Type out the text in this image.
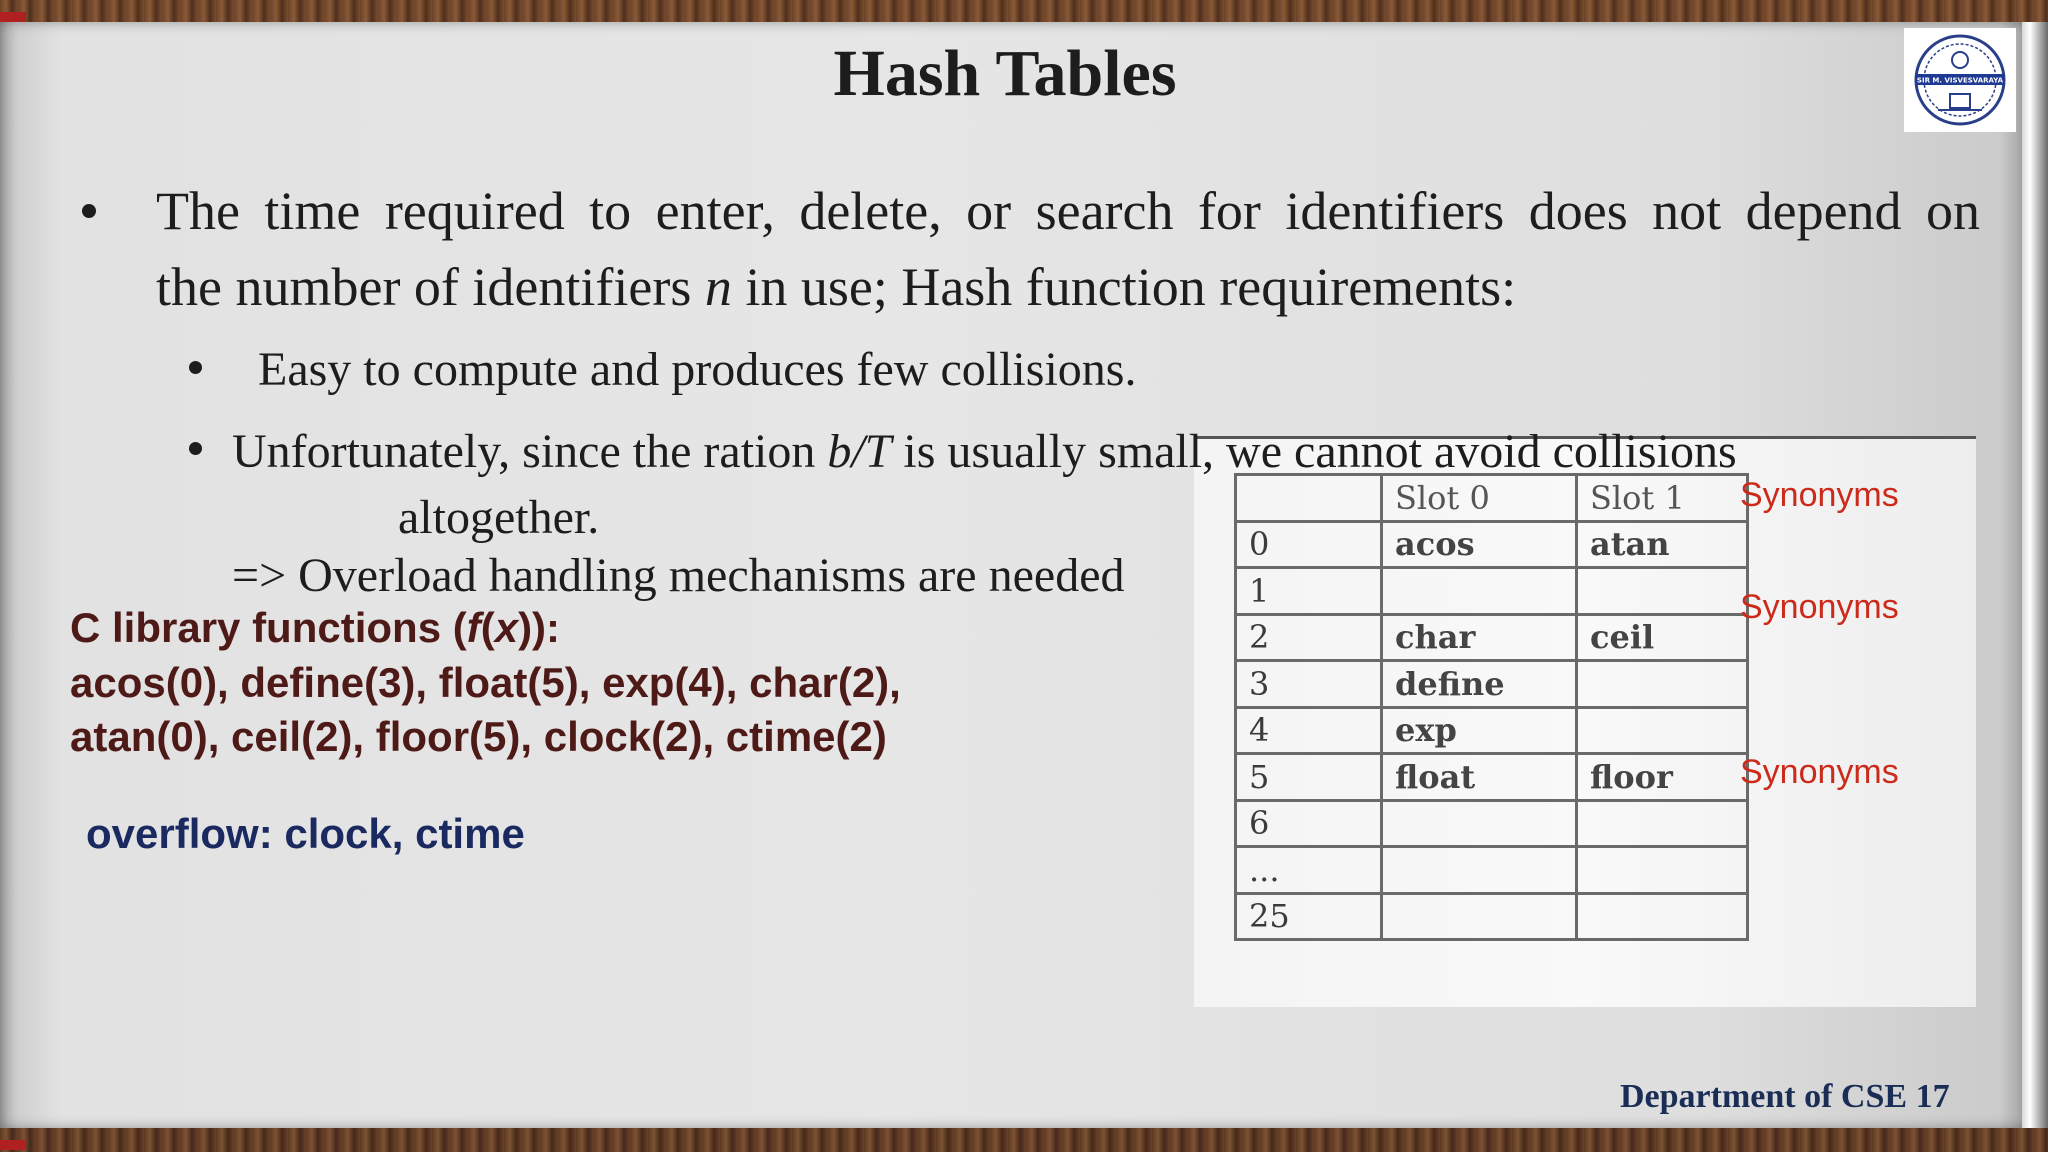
Hash Tables	SIR M. VISVESVARAYA
The time required to enter, delete, or search for identifiers does not depend on
the number of identifiers n in use; Hash function requirements:
Easy to compute and produces few collisions.
Unfortunately, since the ration b/T is usually small, we cannot avoid collisions
altogether.
=> Overload handling mechanisms are needed
C library functions (f(x)):
acos(0), define(3), float(5), exp(4), char(2),
atan(0), ceil(2), floor(5), clock(2), ctime(2)
overflow: clock, ctime
	Slot 0	Slot 1
0	acos	atan
1		
2	char	ceil
3	define	
4	exp	
5	float	floor
6		
...		
25		
Synonyms
Synonyms
Synonyms
Department of CSE 17
